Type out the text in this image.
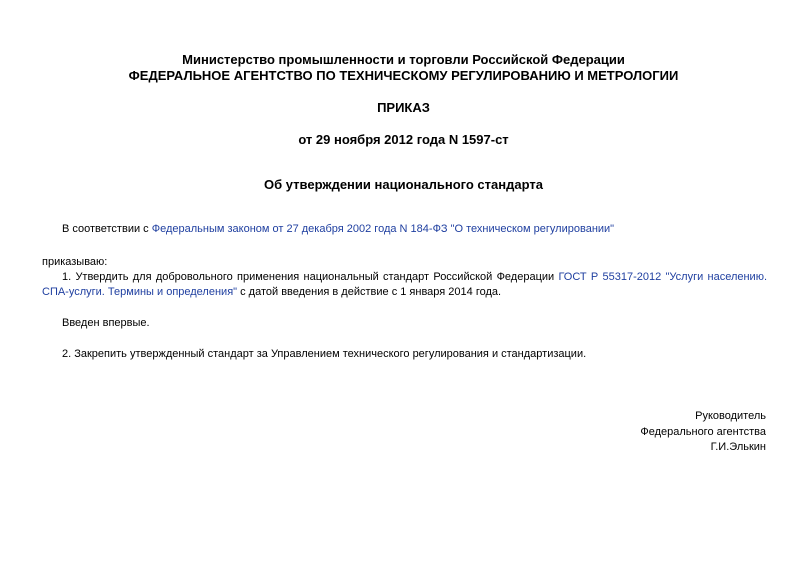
Министерство промышленности и торговли Российской Федерации
ФЕДЕРАЛЬНОЕ АГЕНТСТВО ПО ТЕХНИЧЕСКОМУ РЕГУЛИРОВАНИЮ И МЕТРОЛОГИИ
ПРИКАЗ
от 29 ноября 2012 года N 1597-ст
Об утверждении национального стандарта
В соответствии с Федеральным законом от 27 декабря 2002 года N 184-ФЗ "О техническом регулировании"
приказываю:
1. Утвердить для добровольного применения национальный стандарт Российской Федерации ГОСТ Р 55317-2012 "Услуги населению.
СПА-услуги. Термины и определения" с датой введения в действие с 1 января 2014 года.
Введен впервые.
2. Закрепить утвержденный стандарт за Управлением технического регулирования и стандартизации.
Руководитель
Федерального агентства
Г.И.Элькин
